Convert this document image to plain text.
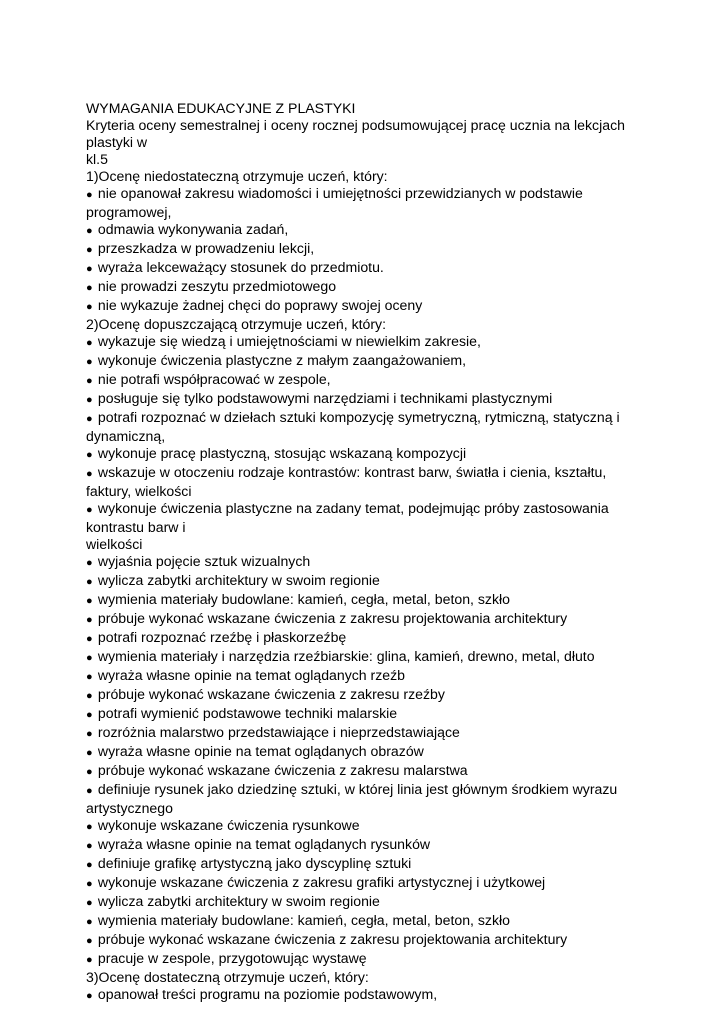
WYMAGANIA EDUKACYJNE Z PLASTYKI
Kryteria oceny semestralnej i oceny rocznej podsumowującej pracę ucznia na lekcjach
plastyki w
kl.5
1)Ocenę niedostateczną otrzymuje uczeń, który:
● nie opanował zakresu wiadomości i umiejętności przewidzianych w podstawie programowej,
● odmawia wykonywania zadań,
● przeszkadza w prowadzeniu lekcji,
● wyraża lekceważący stosunek do przedmiotu.
● nie prowadzi zeszytu przedmiotowego
● nie wykazuje żadnej chęci do poprawy swojej oceny
2)Ocenę dopuszczającą otrzymuje uczeń, który:
● wykazuje się wiedzą i umiejętnościami w niewielkim zakresie,
● wykonuje ćwiczenia plastyczne z małym zaangażowaniem,
● nie potrafi współpracować w zespole,
● posługuje się tylko podstawowymi narzędziami i technikami plastycznymi
● potrafi rozpoznać w dziełach sztuki kompozycję symetryczną, rytmiczną, statyczną i dynamiczną,
● wykonuje pracę plastyczną, stosując wskazaną kompozycji
● wskazuje w otoczeniu rodzaje kontrastów: kontrast barw, światła i cienia, kształtu, faktury, wielkości
● wykonuje ćwiczenia plastyczne na zadany temat, podejmując próby zastosowania kontrastu barw i
wielkości
● wyjaśnia pojęcie sztuk wizualnych
● wylicza zabytki architektury w swoim regionie
● wymienia materiały budowlane: kamień, cegła, metal, beton, szkło
● próbuje wykonać wskazane ćwiczenia z zakresu projektowania architektury
● potrafi rozpoznać rzeźbę i płaskorzeźbę
● wymienia materiały i narzędzia rzeźbiarskie: glina, kamień, drewno, metal, dłuto
● wyraża własne opinie na temat oglądanych rzeźb
● próbuje wykonać wskazane ćwiczenia z zakresu rzeźby
● potrafi wymienić podstawowe techniki malarskie
● rozróżnia malarstwo przedstawiające i nieprzedstawiające
● wyraża własne opinie na temat oglądanych obrazów
● próbuje wykonać wskazane ćwiczenia z zakresu malarstwa
● definiuje rysunek jako dziedzinę sztuki, w której linia jest głównym środkiem wyrazu artystycznego
● wykonuje wskazane ćwiczenia rysunkowe
● wyraża własne opinie na temat oglądanych rysunków
● definiuje grafikę artystyczną jako dyscyplinę sztuki
● wykonuje wskazane ćwiczenia z zakresu grafiki artystycznej i użytkowej
● wylicza zabytki architektury w swoim regionie
● wymienia materiały budowlane: kamień, cegła, metal, beton, szkło
● próbuje wykonać wskazane ćwiczenia z zakresu projektowania architektury
● pracuje w zespole, przygotowując wystawę
3)Ocenę dostateczną otrzymuje uczeń, który:
● opanował treści programu na poziomie podstawowym,
